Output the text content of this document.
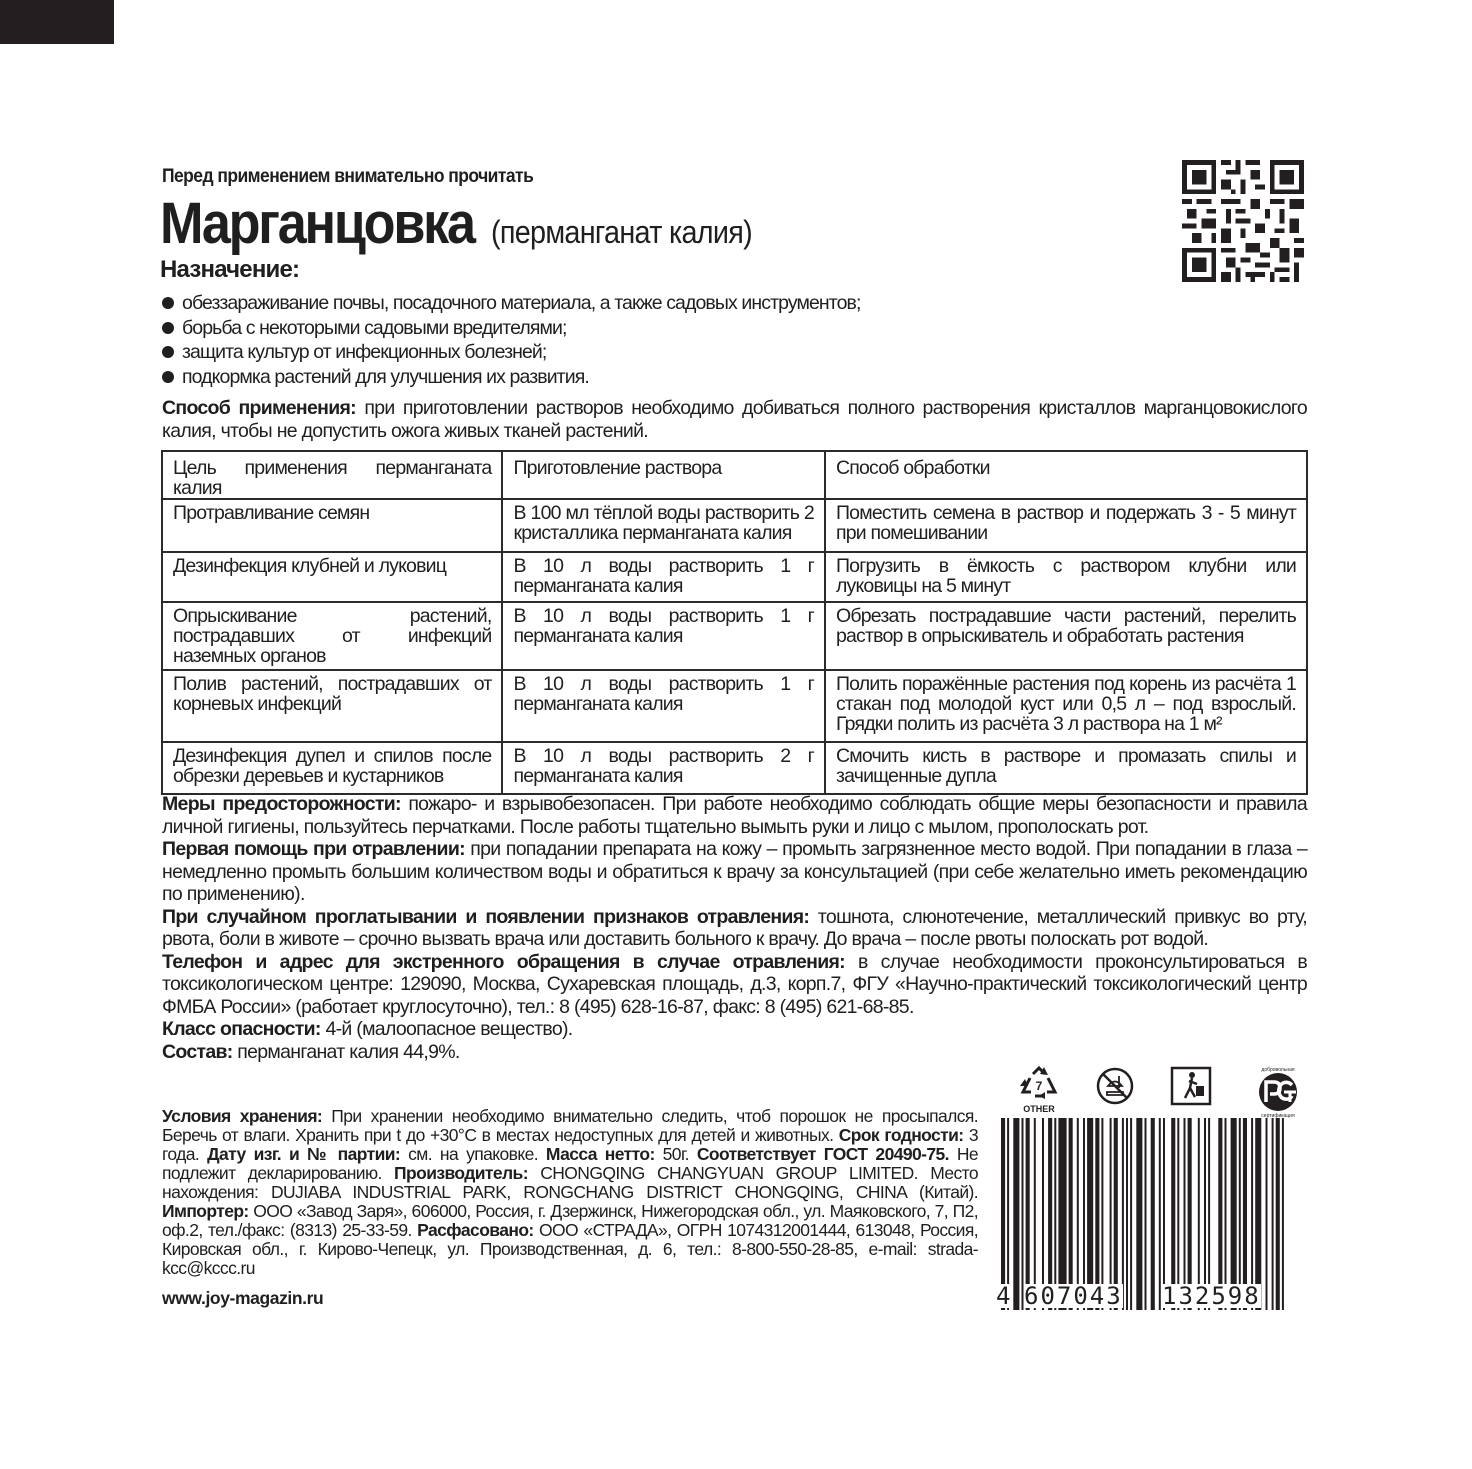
Перед применением внимательно прочитать
Марганцовка (перманганат калия)
Назначение:
обеззараживание почвы, посадочного материала, а также садовых инструментов;
борьба с некоторыми садовыми вредителями;
защита культур от инфекционных болезней;
подкормка растений для улучшения их развития.
Способ применения: при приготовлении растворов необходимо добиваться полного растворения кристаллов марганцовокислого калия, чтобы не допустить ожога живых тканей растений.
Цель применения перманганата калия	Приготовление раствора	Способ обработки
Протравливание семян	В 100 мл тёплой воды растворить 2 кристаллика перманганата калия	Поместить семена в раствор и подержать 3 - 5 минут при помешивании
Дезинфекция клубней и луковиц	В 10 л воды растворить 1 г перманганата калия	Погрузить в ёмкость с раствором клубни или луковицы на 5 минут
Опрыскивание растений, пострадавших от инфекций наземных органов	В 10 л воды растворить 1 г перманганата калия	Обрезать пострадавшие части растений, перелить раствор в опрыскиватель и обработать растения
Полив растений, пострадавших от корневых инфекций	В 10 л воды растворить 1 г перманганата калия	Полить поражённые растения под корень из расчёта 1 стакан под молодой куст или 0,5 л – под взрослый. Грядки полить из расчёта 3 л раствора на 1 м²
Дезинфекция дупел и спилов после обрезки деревьев и кустарников	В 10 л воды растворить 2 г перманганата калия	Смочить кисть в растворе и промазать спилы и зачищенные дупла
Меры предосторожности: пожаро- и взрывобезопасен. При работе необходимо соблюдать общие меры безопасности и правила личной гигиены, пользуйтесь перчатками. После работы тщательно вымыть руки и лицо с мылом, прополоскать рот.
Первая помощь при отравлении: при попадании препарата на кожу – промыть загрязненное место водой. При попадании в глаза – немедленно промыть большим количеством воды и обратиться к врачу за консультацией (при себе желательно иметь рекомендацию по применению).
При случайном проглатывании и появлении признаков отравления: тошнота, слюнотечение, металлический привкус во рту, рвота, боли в животе – срочно вызвать врача или доставить больного к врачу. До врача – после рвоты полоскать рот водой.
Телефон и адрес для экстренного обращения в случае отравления: в случае необходимости проконсультироваться в токсикологическом центре: 129090, Москва, Сухаревская площадь, д.3, корп.7, ФГУ «Научно-практический токсикологический центр ФМБА России» (работает круглосуточно), тел.: 8 (495) 628-16-87, факс: 8 (495) 621-68-85.
Класс опасности: 4-й (малоопасное вещество).
Состав: перманганат калия 44,9%.
Условия хранения: При хранении необходимо внимательно следить, чтоб порошок не просыпался. Беречь от влаги. Хранить при t до +30°С в местах недоступных для детей и животных. Срок годности: 3 года. Дату изг. и № партии: см. на упаковке. Масса нетто: 50г. Соответствует ГОСТ 20490-75. Не подлежит декларированию. Производитель: CHONGQING CHANGYUAN GROUP LIMITED. Место нахождения: DUJIABA INDUSTRIAL PARK, RONGCHANG DISTRICT CHONGQING, CHINA (Китай). Импортер: ООО «Завод Заря», 606000, Россия, г. Дзержинск, Нижегородская обл., ул. Маяковского, 7, П2, оф.2, тел./факс: (8313) 25-33-59. Расфасовано: ООО «СТРАДА», ОГРН 1074312001444, 613048, Россия, Кировская обл., г. Кирово-Чепецк, ул. Производственная, д. 6, тел.: 8-800-550-28-85, e-mail: strada-kcc@kccc.ru
www.joy-magazin.ru
7
OTHER
добровольная
сертификация
4 607043 132598
